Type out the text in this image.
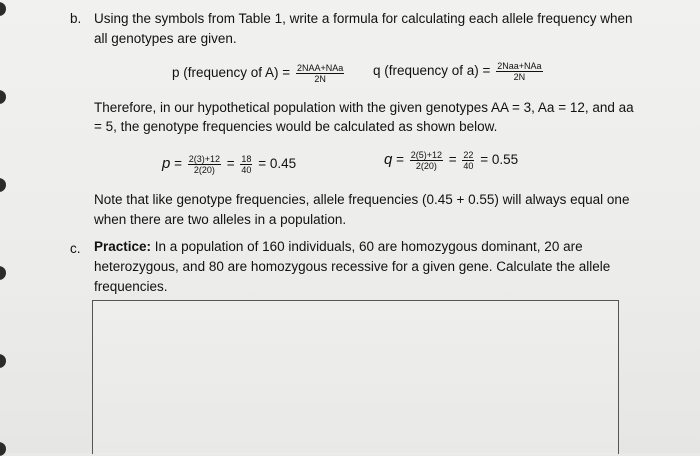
b. Using the symbols from Table 1, write a formula for calculating each allele frequency when
all genotypes are given.
p (frequency of $A) = \frac{\text{2NAA+NAa}}{2N}$ q (frequency of $a) = \frac{\text{2Naa+NAa}}{2N}$
Therefore, in our hypothetical population with the given genotypes AA = 3, Aa = 12, and aa
= 5, the genotype frequencies would be calculated as shown below.
$p = \frac{2(3)+12}{2(20)} = \frac{18}{40} = 0.45$	$q = \frac{2(5)+12}{2(20)} = \frac{22}{40} = 0.55$
Note that like genotype frequencies, allele frequencies (0.45 + 0.55) will always equal one
when there are two alleles in a population.
c. Practice: In a population of 160 individuals, 60 are homozygous dominant, 20 are
heterozygous, and 80 are homozygous recessive for a given gene. Calculate the allele
frequencies.
